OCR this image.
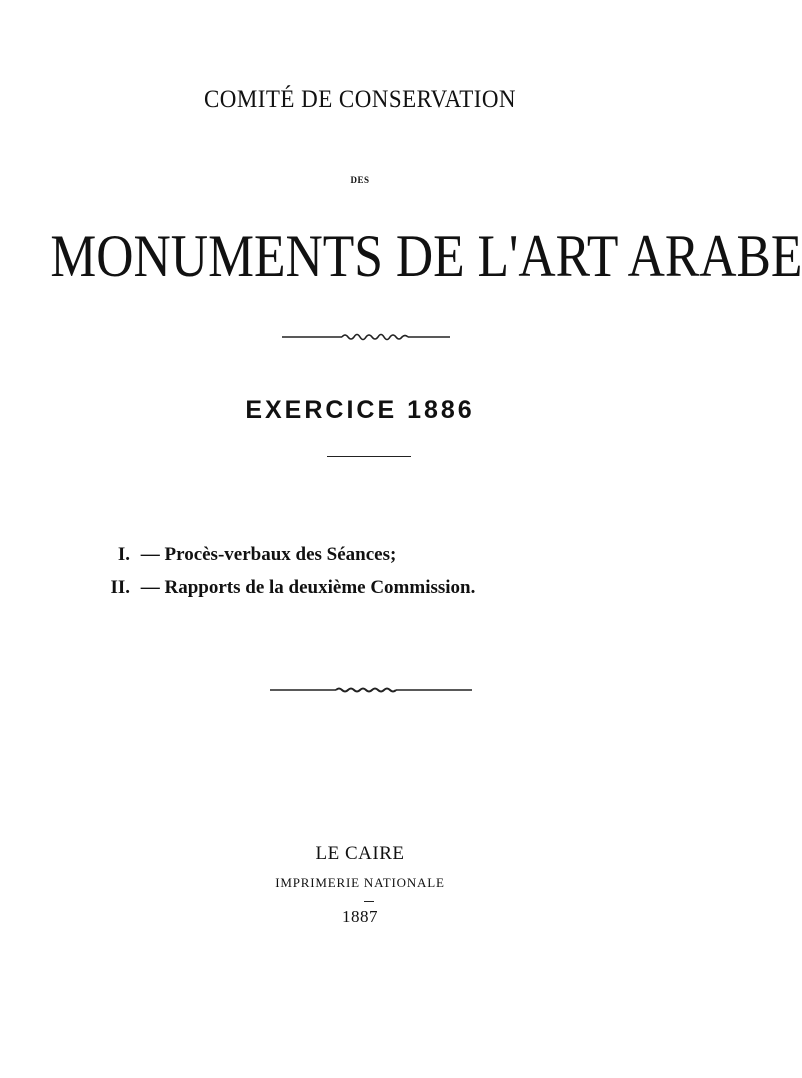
COMITÉ DE CONSERVATION
DES
MONUMENTS DE L'ART ARABE
EXERCICE 1886
I. — Procès-verbaux des Séances;
II. — Rapports de la deuxième Commission.
LE CAIRE
IMPRIMERIE NATIONALE
1887
